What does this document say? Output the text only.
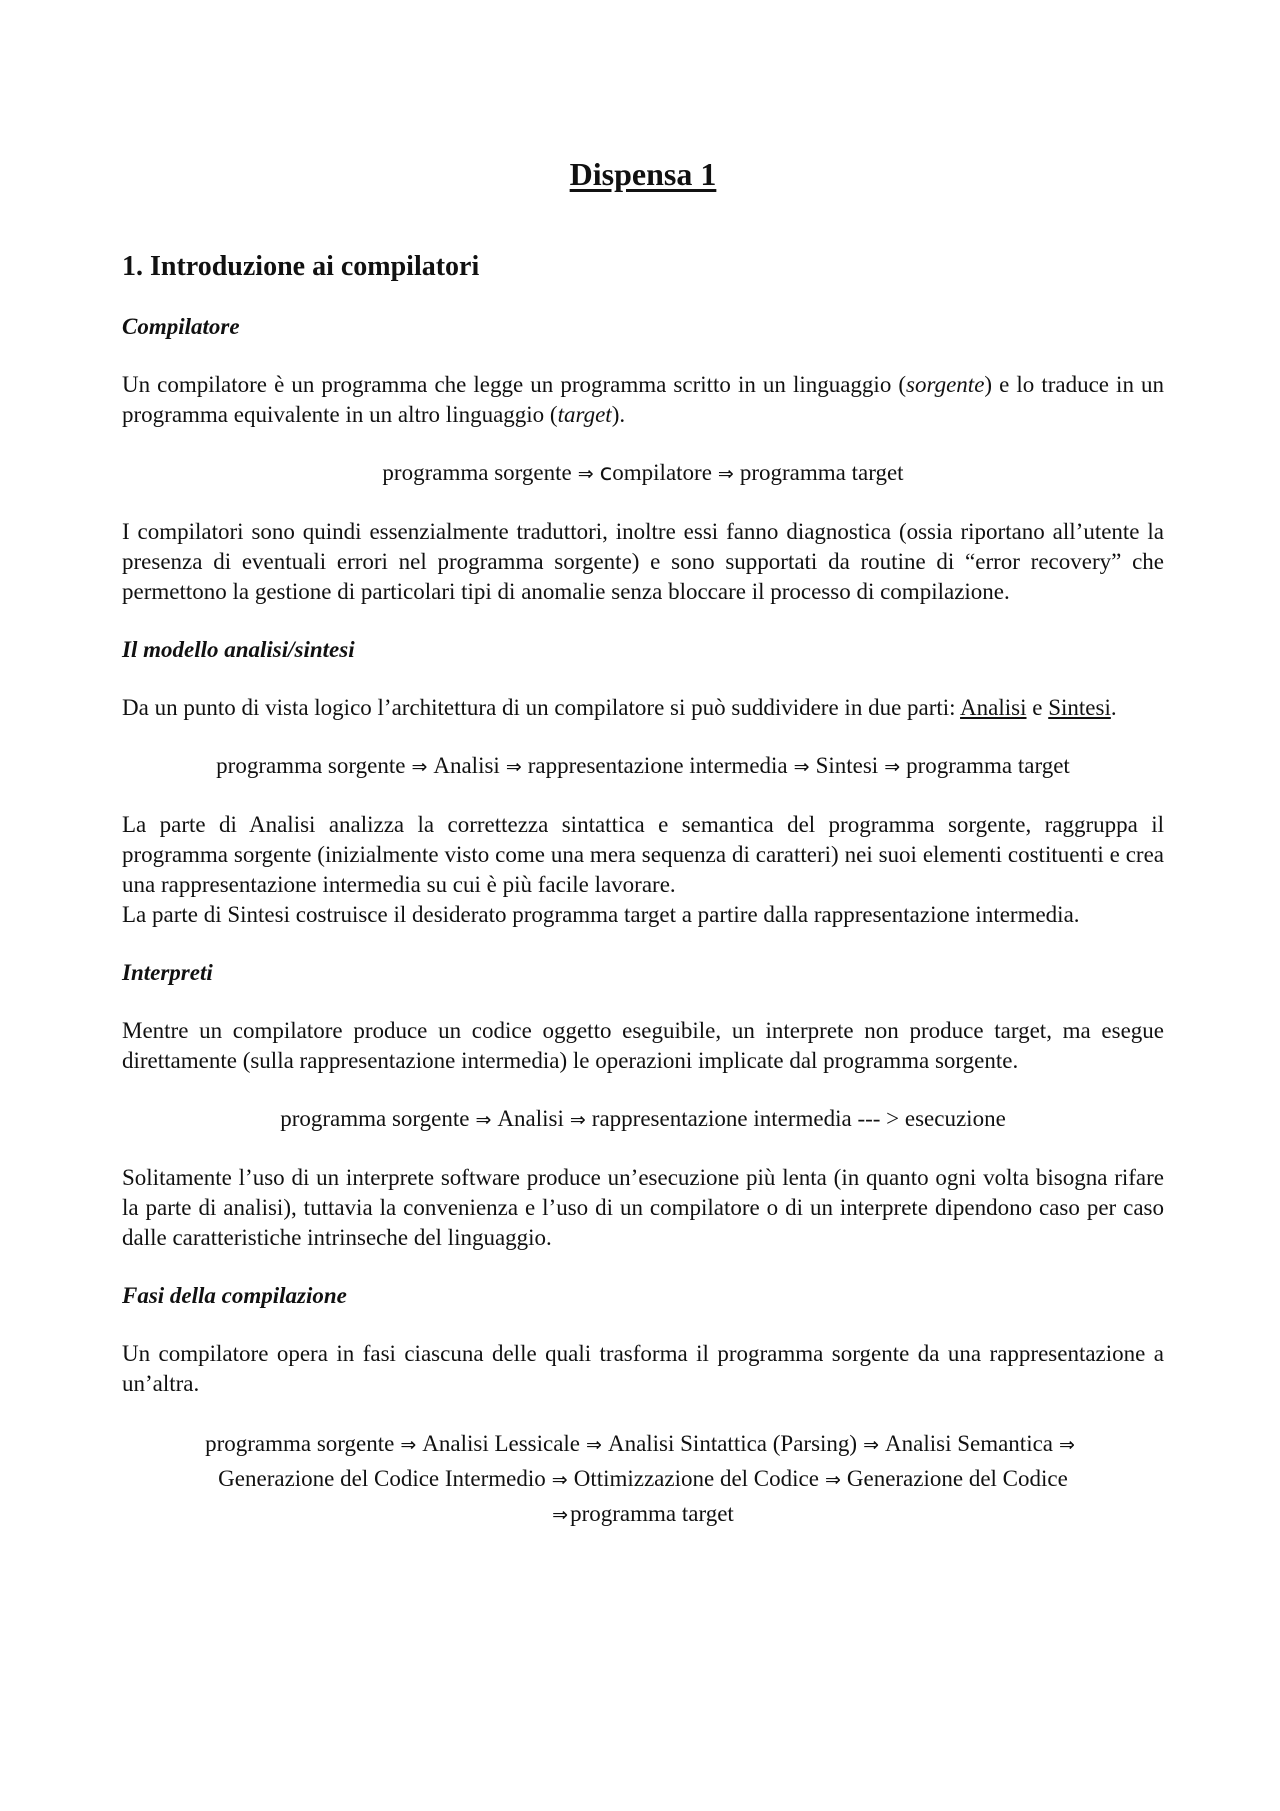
Dispensa 1
1. Introduzione ai compilatori
Compilatore

Un compilatore è un programma che legge un programma scritto in un linguaggio (sorgente) e lo traduce in un programma equivalente in un altro linguaggio (target).

programma sorgente ⇒ compilatore ⇒ programma target

I compilatori sono quindi essenzialmente traduttori, inoltre essi fanno diagnostica (ossia riportano all’utente la presenza di eventuali errori nel programma sorgente) e sono supportati da routine di “error recovery” che permettono la gestione di particolari tipi di anomalie senza bloccare il processo di compilazione.

Il modello analisi/sintesi

Da un punto di vista logico l’architettura di un compilatore si può suddividere in due parti: Analisi e Sintesi.

programma sorgente ⇒ Analisi ⇒ rappresentazione intermedia ⇒ Sintesi ⇒ programma target

La parte di Analisi analizza la correttezza sintattica e semantica del programma sorgente, raggruppa il programma sorgente (inizialmente visto come una mera sequenza di caratteri) nei suoi elementi costituenti e crea una rappresentazione intermedia su cui è più facile lavorare.

La parte di Sintesi costruisce il desiderato programma target a partire dalla rappresentazione intermedia.

Interpreti

Mentre un compilatore produce un codice oggetto eseguibile, un interprete non produce target, ma esegue direttamente (sulla rappresentazione intermedia) le operazioni implicate dal programma sorgente.

programma sorgente ⇒ Analisi ⇒ rappresentazione intermedia --- > esecuzione

Solitamente l’uso di un interprete software produce un’esecuzione più lenta (in quanto ogni volta bisogna rifare la parte di analisi), tuttavia la convenienza e l’uso di un compilatore o di un interprete dipendono caso per caso dalle caratteristiche intrinseche del linguaggio.

Fasi della compilazione

Un compilatore opera in fasi ciascuna delle quali trasforma il programma sorgente da una rappresentazione a un’altra.

programma sorgente ⇒ Analisi Lessicale ⇒ Analisi Sintattica (Parsing) ⇒ Analisi Semantica ⇒
Generazione del Codice Intermedio ⇒ Ottimizzazione del Codice ⇒ Generazione del Codice
⇒programma target
